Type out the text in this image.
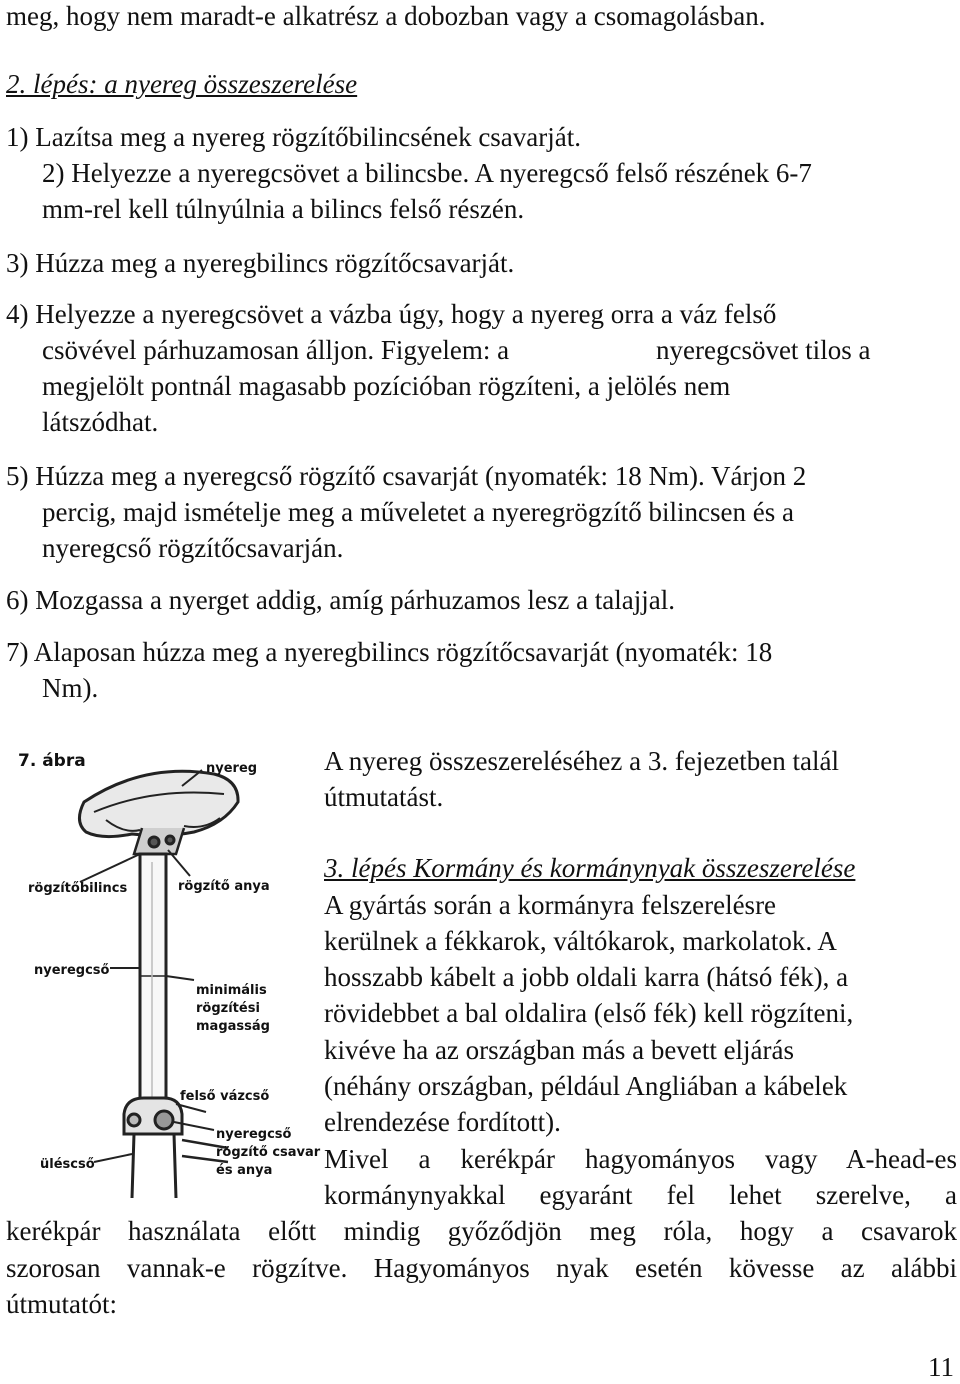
meg, hogy nem maradt-e alkatrész a dobozban vagy a csomagolásban.
2. lépés: a nyereg összeszerelése
1) Lazítsa meg a nyereg rögzítőbilincsének csavarját.
2) Helyezze a nyeregcsövet a bilincsbe. A nyeregcső felső részének 6-7
mm-rel kell túlnyúlnia a bilincs felső részén.
3) Húzza meg a nyeregbilincs rögzítőcsavarját.
4) Helyezze a nyeregcsövet a vázba úgy, hogy a nyereg orra a váz felső
csövével párhuzamosan álljon. Figyelem: a	nyeregcsövet tilos a
megjelölt pontnál magasabb pozícióban rögzíteni, a jelölés nem
látszódhat.
5) Húzza meg a nyeregcső rögzítő csavarját (nyomaték: 18 Nm). Várjon 2
percig, majd ismételje meg a műveletet a nyeregrögzítő bilincsen és a
nyeregcső rögzítőcsavarján.
6) Mozgassa a nyerget addig, amíg párhuzamos lesz a talajjal.
7) Alaposan húzza meg a nyeregbilincs rögzítőcsavarját (nyomaték: 18
Nm).
7. ábra	nyereg
rögzítőbilincs	rögzítő anya
nyeregcső
minimális
rögzítési
magasság
felső vázcső
nyeregcső
rögzítő csavar
és anya
üléscső
A nyereg összeszereléséhez a 3. fejezetben talál
útmutatást.
3. lépés Kormány és kormánynyak összeszerelése
A gyártás során a kormányra felszerelésre
kerülnek a fékkarok, váltókarok, markolatok. A
hosszabb kábelt a jobb oldali karra (hátsó fék), a
rövidebbet a bal oldalira (első fék) kell rögzíteni,
kivéve ha az országban más a bevett eljárás
(néhány országban, például Angliában a kábelek
elrendezése fordított).
Mivel a kerékpár hagyományos vagy A-head-es
kormánynyakkal egyaránt fel lehet szerelve, a
kerékpár használata előtt mindig győződjön meg róla, hogy a csavarok
szorosan vannak-e rögzítve. Hagyományos nyak esetén kövesse az alábbi
útmutatót:
11
